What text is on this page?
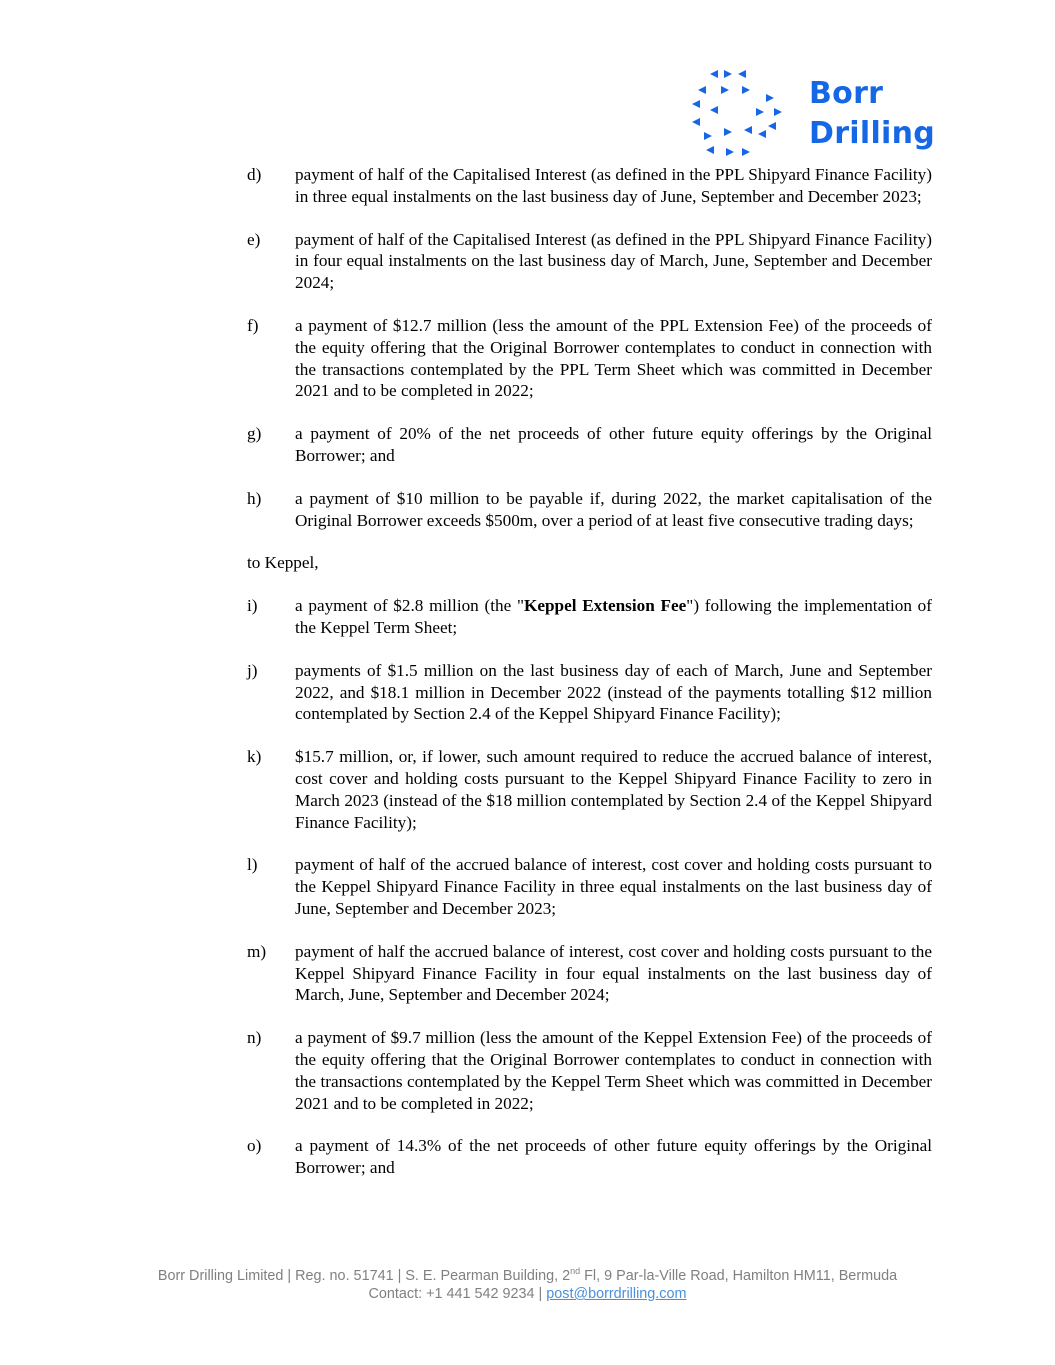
Borr
Drilling
d)	payment of half of the Capitalised Interest (as defined in the PPL Shipyard Finance Facility) in three equal instalments on the last business day of June, September and December 2023;
e)	payment of half of the Capitalised Interest (as defined in the PPL Shipyard Finance Facility) in four equal instalments on the last business day of March, June, September and December 2024;
f)	a payment of $12.7 million (less the amount of the PPL Extension Fee) of the proceeds of the equity offering that the Original Borrower contemplates to conduct in connection with the transactions contemplated by the PPL Term Sheet which was committed in December 2021 and to be completed in 2022;
g)	a payment of 20% of the net proceeds of other future equity offerings by the Original Borrower; and
h)	a payment of $10 million to be payable if, during 2022, the market capitalisation of the Original Borrower exceeds $500m, over a period of at least five consecutive trading days;
to Keppel,
i)	a payment of $2.8 million (the "Keppel Extension Fee") following the implementation of the Keppel Term Sheet;
j)	payments of $1.5 million on the last business day of each of March, June and September 2022, and $18.1 million in December 2022 (instead of the payments totalling $12 million contemplated by Section 2.4 of the Keppel Shipyard Finance Facility);
k)	$15.7 million, or, if lower, such amount required to reduce the accrued balance of interest, cost cover and holding costs pursuant to the Keppel Shipyard Finance Facility to zero in March 2023 (instead of the $18 million contemplated by Section 2.4 of the Keppel Shipyard Finance Facility);
l)	payment of half of the accrued balance of interest, cost cover and holding costs pursuant to the Keppel Shipyard Finance Facility in three equal instalments on the last business day of June, September and December 2023;
m)	payment of half the accrued balance of interest, cost cover and holding costs pursuant to the Keppel Shipyard Finance Facility in four equal instalments on the last business day of March, June, September and December 2024;
n)	a payment of $9.7 million (less the amount of the Keppel Extension Fee) of the proceeds of the equity offering that the Original Borrower contemplates to conduct in connection with the transactions contemplated by the Keppel Term Sheet which was committed in December 2021 and to be completed in 2022;
o)	a payment of 14.3% of the net proceeds of other future equity offerings by the Original Borrower; and
Borr Drilling Limited | Reg. no. 51741 | S. E. Pearman Building, 2nd Fl, 9 Par-la-Ville Road, Hamilton HM11, Bermuda
Contact: +1 441 542 9234 | post@borrdrilling.com
